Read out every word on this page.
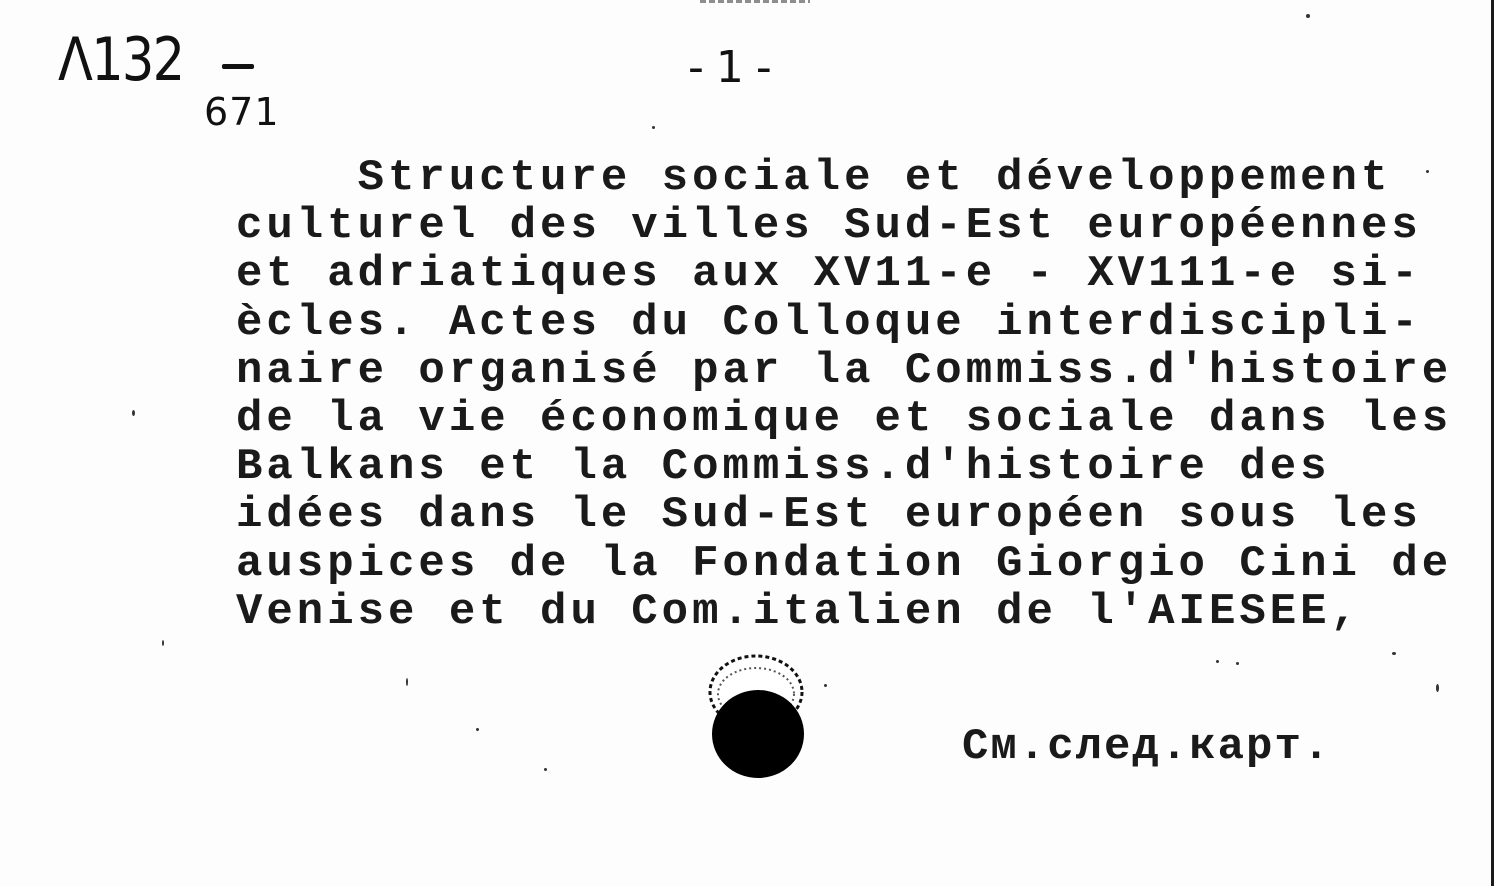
Λ132
671
-1-
Structure sociale et développement
culturel des villes Sud-Est européennes
et adriatiques aux XV11-e - XV111-e si-
ècles. Actes du Colloque interdiscipli-
naire organisé par la Commiss.d'histoire
de la vie économique et sociale dans les
Balkans et la Commiss.d'histoire des
idées dans le Sud-Est européen sous les
auspices de la Fondation Giorgio Cini de
Venise et du Com.italien de l'AIESEE,
См.след.карт.
